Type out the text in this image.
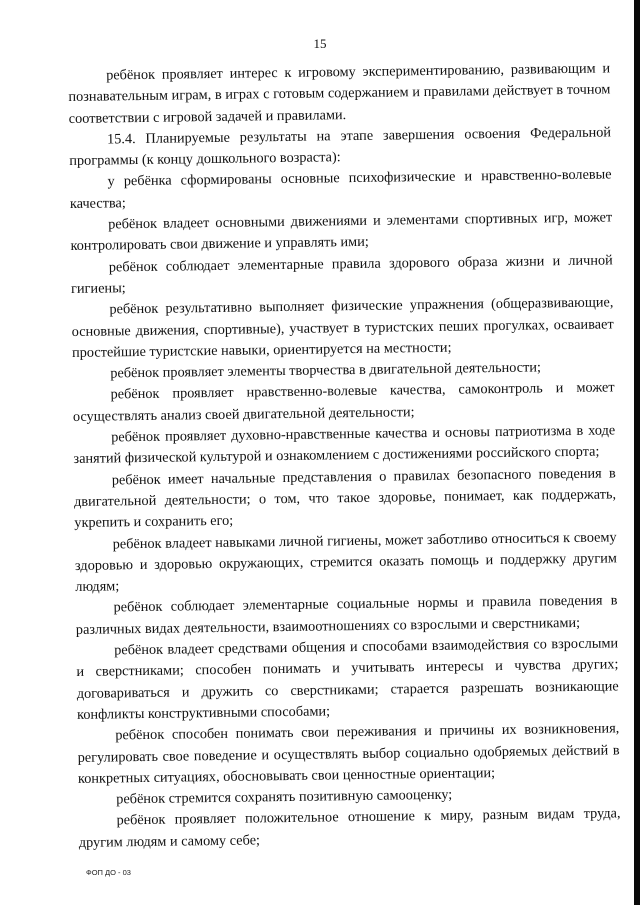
15

ребёнок проявляет интерес к игровому экспериментированию, развивающим и познавательным играм, в играх с готовым содержанием и правилами действует в точном соответствии с игровой задачей и правилами.

15.4. Планируемые результаты на этапе завершения освоения Федеральной программы (к концу дошкольного возраста):

у ребёнка сформированы основные психофизические и нравственно-волевые качества;

ребёнок владеет основными движениями и элементами спортивных игр, может контролировать свои движение и управлять ими;

ребёнок соблюдает элементарные правила здорового образа жизни и личной гигиены;

ребёнок результативно выполняет физические упражнения (общеразвивающие, основные движения, спортивные), участвует в туристских пеших прогулках, осваивает простейшие туристские навыки, ориентируется на местности;

ребёнок проявляет элементы творчества в двигательной деятельности;

ребёнок проявляет нравственно-волевые качества, самоконтроль и может осуществлять анализ своей двигательной деятельности;

ребёнок проявляет духовно-нравственные качества и основы патриотизма в ходе занятий физической культурой и ознакомлением с достижениями российского спорта;

ребёнок имеет начальные представления о правилах безопасного поведения в двигательной деятельности; о том, что такое здоровье, понимает, как поддержать, укрепить и сохранить его;

ребёнок владеет навыками личной гигиены, может заботливо относиться к своему здоровью и здоровью окружающих, стремится оказать помощь и поддержку другим людям;

ребёнок соблюдает элементарные социальные нормы и правила поведения в различных видах деятельности, взаимоотношениях со взрослыми и сверстниками;

ребёнок владеет средствами общения и способами взаимодействия со взрослыми и сверстниками; способен понимать и учитывать интересы и чувства других; договариваться и дружить со сверстниками; старается разрешать возникающие конфликты конструктивными способами;

ребёнок способен понимать свои переживания и причины их возникновения, регулировать свое поведение и осуществлять выбор социально одобряемых действий в конкретных ситуациях, обосновывать свои ценностные ориентации;

ребёнок стремится сохранять позитивную самооценку;

ребёнок проявляет положительное отношение к миру, разным видам труда, другим людям и самому себе;

ФОП ДО - 03
